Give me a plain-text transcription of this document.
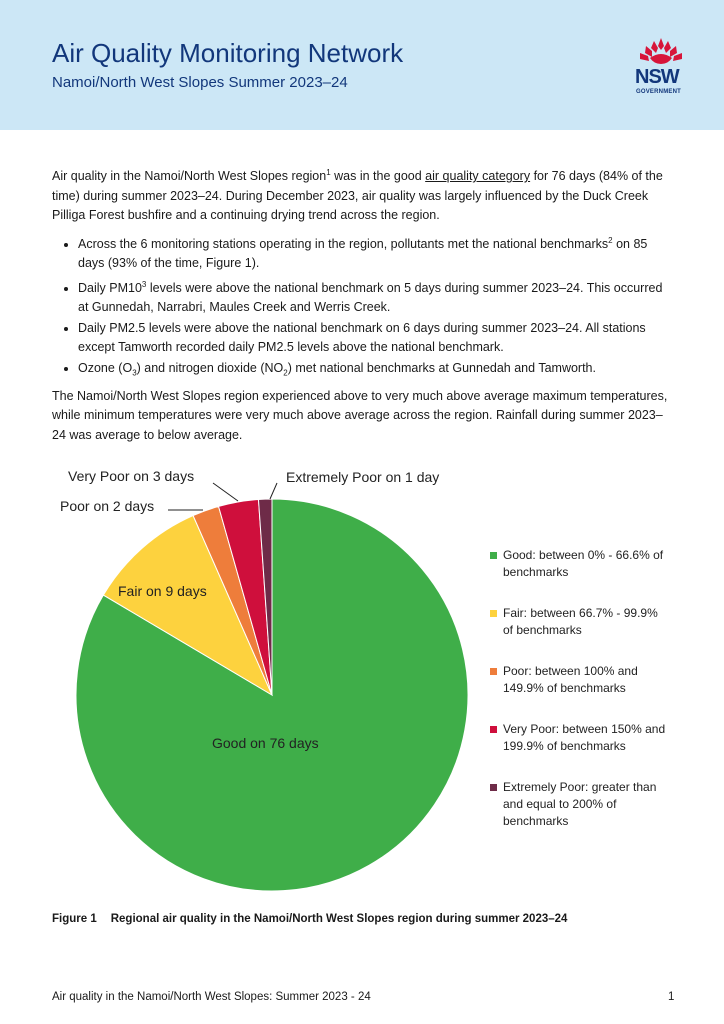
Air Quality Monitoring Network
Namoi/North West Slopes Summer 2023–24	NSW
GOVERNMENT

Air quality in the Namoi/North West Slopes region$^1$ was in the good air quality category for 76 days (84% of the time) during summer 2023–24. During December 2023, air quality was largely influenced by the Duck Creek Pilliga Forest bushfire and a continuing drying trend across the region.

• Across the 6 monitoring stations operating in the region, pollutants met the national benchmarks$^2$ on 85 days (93% of the time, Figure 1).
• Daily $PM10^3$ levels were above the national benchmark on 5 days during summer 2023–24. This occurred at Gunnedah, Narrabri, Maules Creek and Werris Creek.
• Daily PM2.5 levels were above the national benchmark on 6 days during summer 2023–24. All stations except Tamworth recorded daily PM2.5 levels above the national benchmark.
• Ozone $(O_3)$ and nitrogen dioxide $(NO_2)$ met national benchmarks at Gunnedah and Tamworth.

The Namoi/North West Slopes region experienced above to very much above average maximum temperatures, while minimum temperatures were very much above average across the region. Rainfall during summer 2023–24 was average to below average.

Very Poor on 3 days	Extremely Poor on 1 day
Poor on 2 days
Fair on 9 days
Good on 76 days
Good: between 0% - 66.6% of benchmarks
Fair: between 66.7% - 99.9% of benchmarks
Poor: between 100% and 149.9% of benchmarks
Very Poor: between 150% and 199.9% of benchmarks
Extremely Poor: greater than and equal to 200% of benchmarks
Figure 1 Regional air quality in the Namoi/North West Slopes region during summer 2023–24
Air quality in the Namoi/North West Slopes: Summer 2023 - 24	1
